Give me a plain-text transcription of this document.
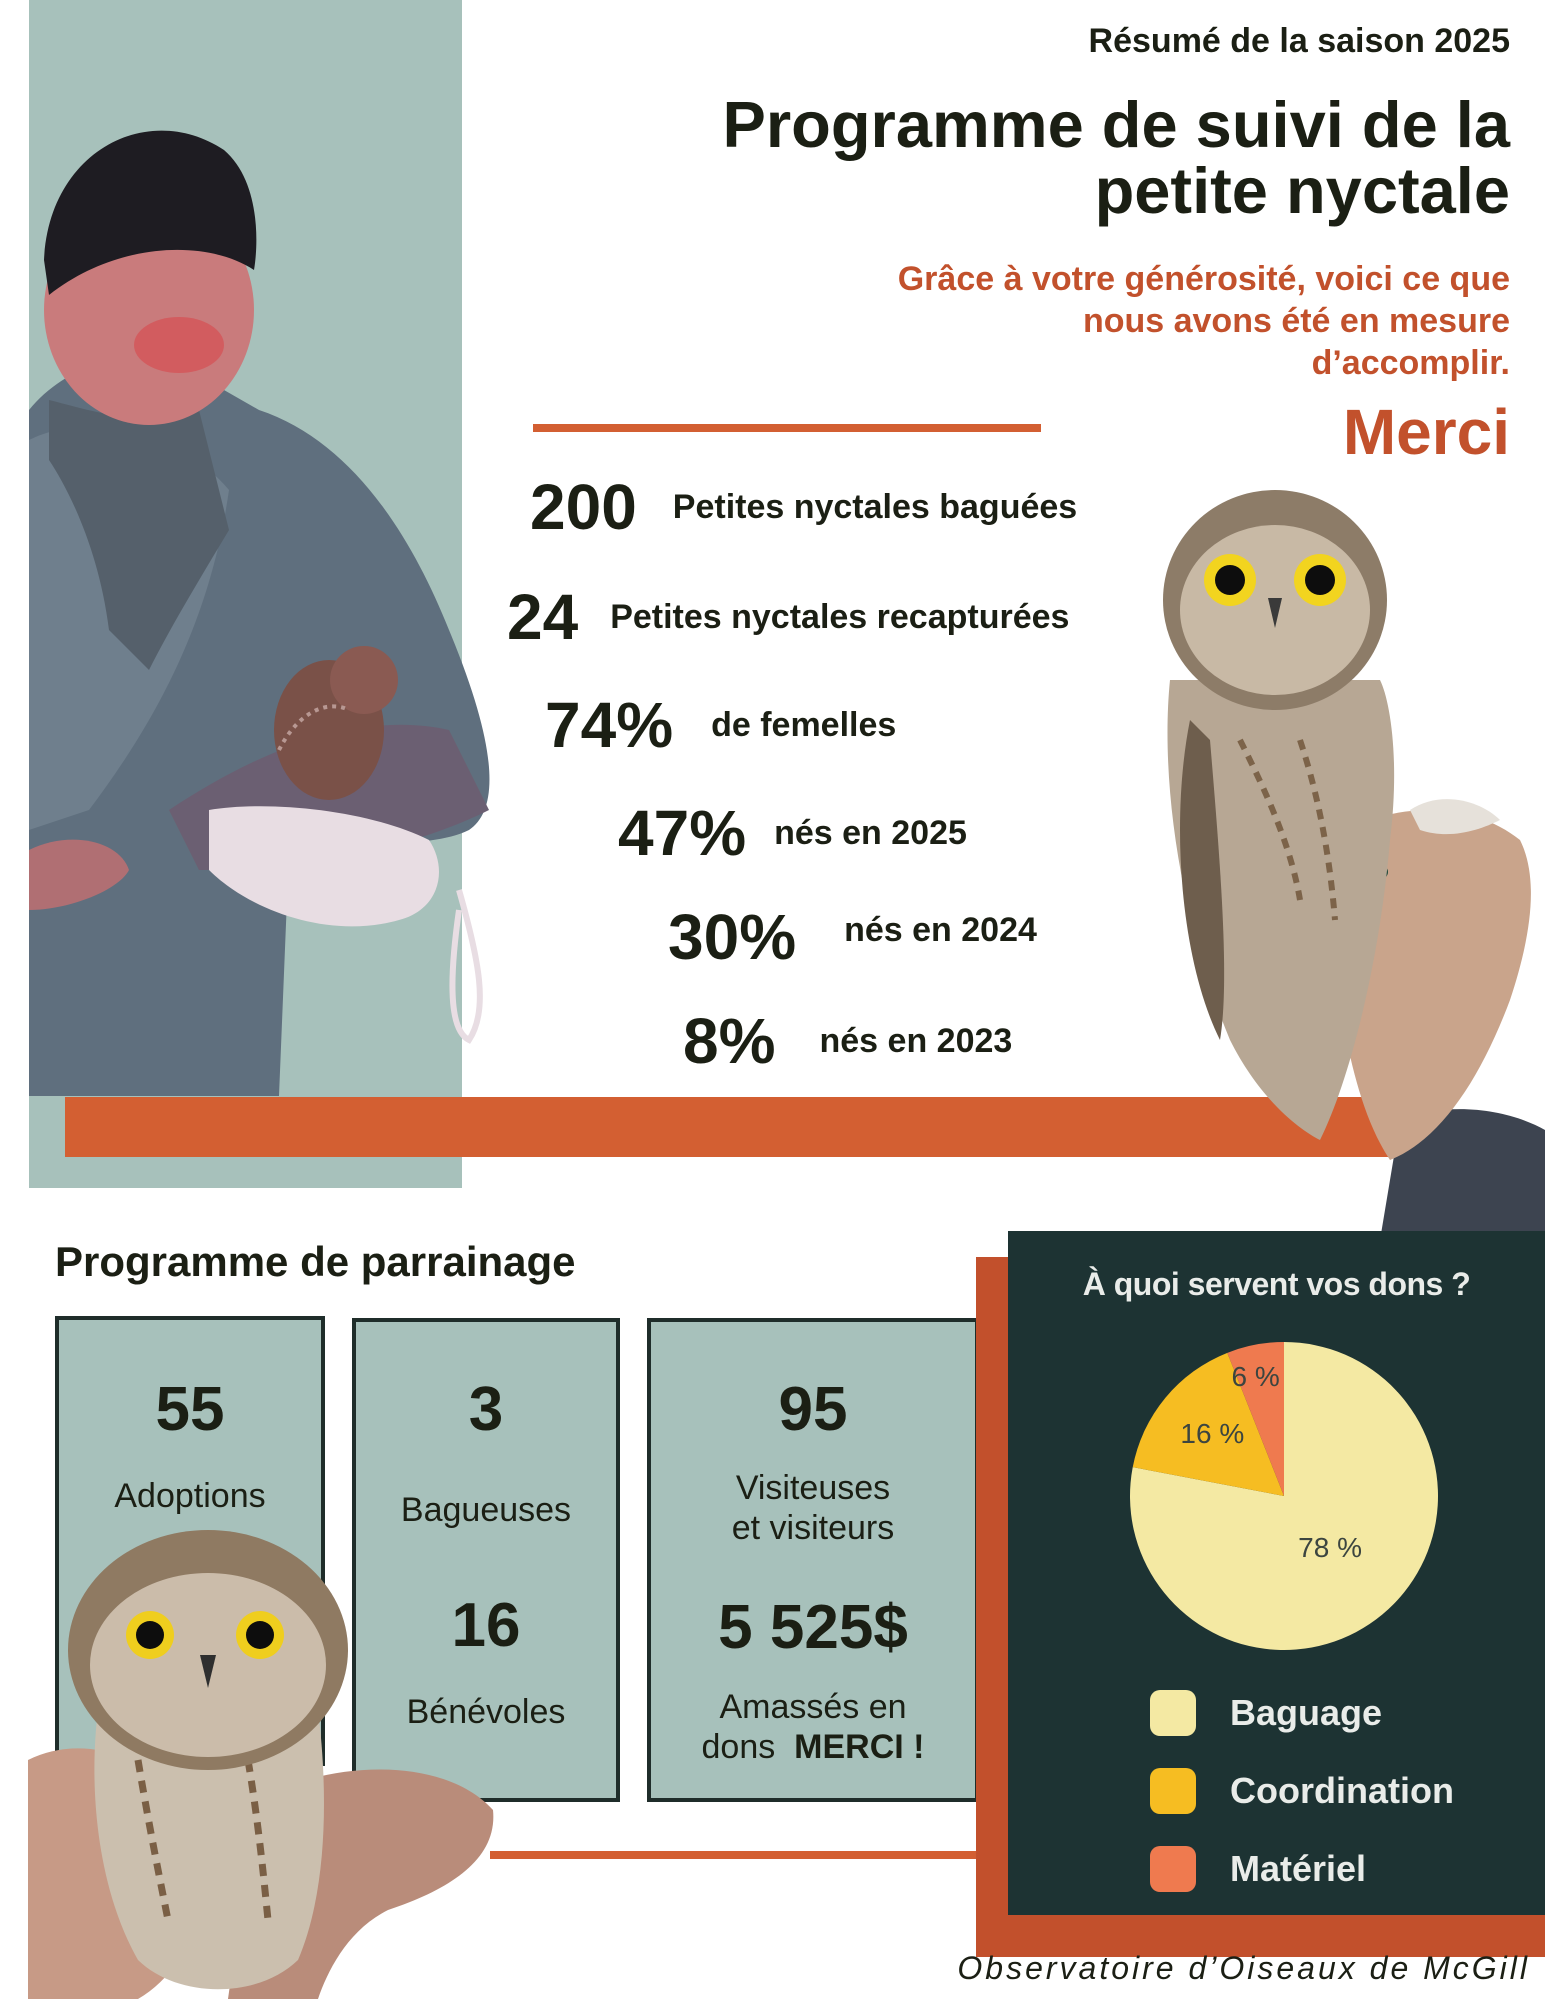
Résumé de la saison 2025
Programme de suivi de la
petite nyctale
Grâce à votre générosité, voici ce que
nous avons été en mesure
d’accomplir.
Merci
200 Petites nyctales baguées
24 Petites nyctales recapturées
74% de femelles
47% nés en 2025
30% nés en 2024
8% nés en 2023
Programme de parrainage
55
Adoptions
3
Bagueuses
16
Bénévoles
95
Visiteuses
et visiteurs
5 525$
Amassés en
dons MERCI !
À quoi servent vos dons ?
78 %
16 %
6 %
Baguage
Coordination
Matériel
Observatoire d’Oiseaux de McGill
